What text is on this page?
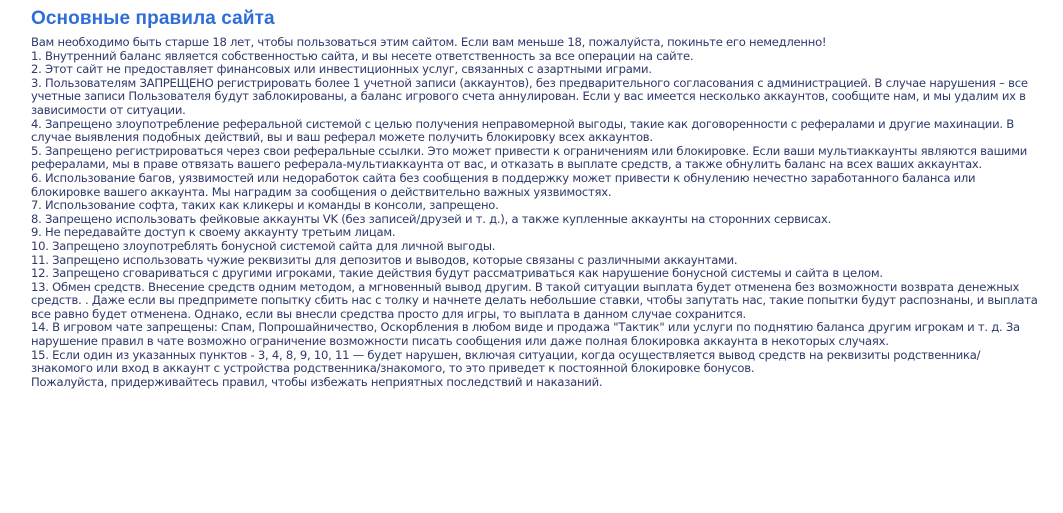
Основные правила сайта

Вам необходимо быть старше 18 лет, чтобы пользоваться этим сайтом. Если вам меньше 18, пожалуйста, покиньте его немедленно!

1. Внутренний баланс является собственностью сайта, и вы несете ответственность за все операции на сайте.

2. Этот сайт не предоставляет финансовых или инвестиционных услуг, связанных с азартными играми.

3. Пользователям ЗАПРЕЩЕНО регистрировать более 1 учетной записи (аккаунтов), без предварительного согласования с администрацией. В случае нарушения – все учетные записи Пользователя будут заблокированы, а баланс игрового счета аннулирован. Если у вас имеется несколько аккаунтов, сообщите нам, и мы удалим их в зависимости от ситуации.

4. Запрещено злоупотребление реферальной системой с целью получения неправомерной выгоды, такие как договоренности с рефералами и другие махинации. В случае выявления подобных действий, вы и ваш реферал можете получить блокировку всех аккаунтов.

5. Запрещено регистрироваться через свои реферальные ссылки. Это может привести к ограничениям или блокировке. Если ваши мультиаккаунты являются вашими рефералами, мы в праве отвязать вашего реферала-мультиаккаунта от вас, и отказать в выплате средств, а также обнулить баланс на всех ваших аккаунтах.

6. Использование багов, уязвимостей или недоработок сайта без сообщения в поддержку может привести к обнулению нечестно заработанного баланса или блокировке вашего аккаунта. Мы наградим за сообщения о действительно важных уязвимостях.

7. Использование софта, таких как кликеры и команды в консоли, запрещено.

8. Запрещено использовать фейковые аккаунты VK (без записей/друзей и т. д.), а также купленные аккаунты на сторонних сервисах.

9. Не передавайте доступ к своему аккаунту третьим лицам.

10. Запрещено злоупотреблять бонусной системой сайта для личной выгоды.

11. Запрещено использовать чужие реквизиты для депозитов и выводов, которые связаны с различными аккаунтами.

12. Запрещено сговариваться с другими игроками, такие действия будут рассматриваться как нарушение бонусной системы и сайта в целом.

13. Обмен средств. Внесение средств одним методом, а мгновенный вывод другим. В такой ситуации выплата будет отменена без возможности возврата денежных средств. . Даже если вы предпримете попытку сбить нас с толку и начнете делать небольшие ставки, чтобы запутать нас, такие попытки будут распознаны, и выплата все равно будет отменена. Однако, если вы внесли средства просто для игры, то выплата в данном случае сохранится.

14. В игровом чате запрещены: Спам, Попрошайничество, Оскорбления в любом виде и продажа "Тактик" или услуги по поднятию баланса другим игрокам и т. д. За нарушение правил в чате возможно ограничение возможности писать сообщения или даже полная блокировка аккаунта в некоторых случаях.

15. Если один из указанных пунктов - 3, 4, 8, 9, 10, 11 — будет нарушен, включая ситуации, когда осуществляется вывод средств на реквизиты родственника/знакомого или вход в аккаунт с устройства родственника/знакомого, то это приведет к постоянной блокировке бонусов.

Пожалуйста, придерживайтесь правил, чтобы избежать неприятных последствий и наказаний.
